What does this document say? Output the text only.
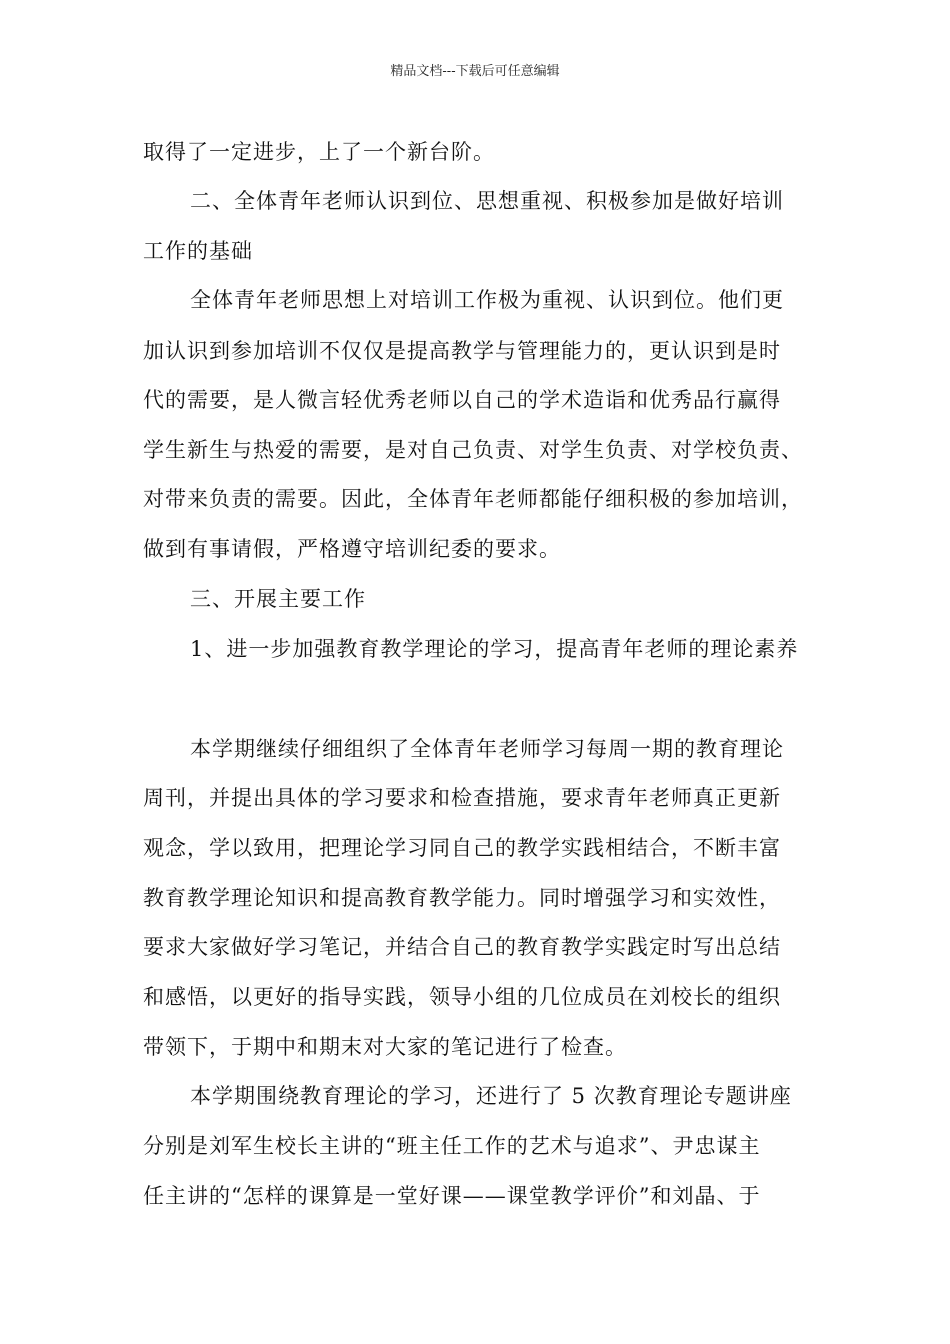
精品文档---下载后可任意编辑
取得了一定进步，上了一个新台阶。
二、全体青年老师认识到位、思想重视、积极参加是做好培训
工作的基础
全体青年老师思想上对培训工作极为重视、认识到位。他们更
加认识到参加培训不仅仅是提高教学与管理能力的，更认识到是时
代的需要，是人微言轻优秀老师以自己的学术造诣和优秀品行赢得
学生新生与热爱的需要，是对自己负责、对学生负责、对学校负责、
对带来负责的需要。因此，全体青年老师都能仔细积极的参加培训，
做到有事请假，严格遵守培训纪委的要求。
三、开展主要工作
1、进一步加强教育教学理论的学习，提高青年老师的理论素养
本学期继续仔细组织了全体青年老师学习每周一期的教育理论
周刊，并提出具体的学习要求和检查措施，要求青年老师真正更新
观念，学以致用，把理论学习同自己的教学实践相结合，不断丰富
教育教学理论知识和提高教育教学能力。同时增强学习和实效性，
要求大家做好学习笔记，并结合自己的教育教学实践定时写出总结
和感悟，以更好的指导实践，领导小组的几位成员在刘校长的组织
带领下，于期中和期末对大家的笔记进行了检查。
本学期围绕教育理论的学习，还进行了 5 次教育理论专题讲座
分别是刘军生校长主讲的“班主任工作的艺术与追求”、尹忠谋主
任主讲的“怎样的课算是一堂好课——课堂教学评价”和刘晶、于
